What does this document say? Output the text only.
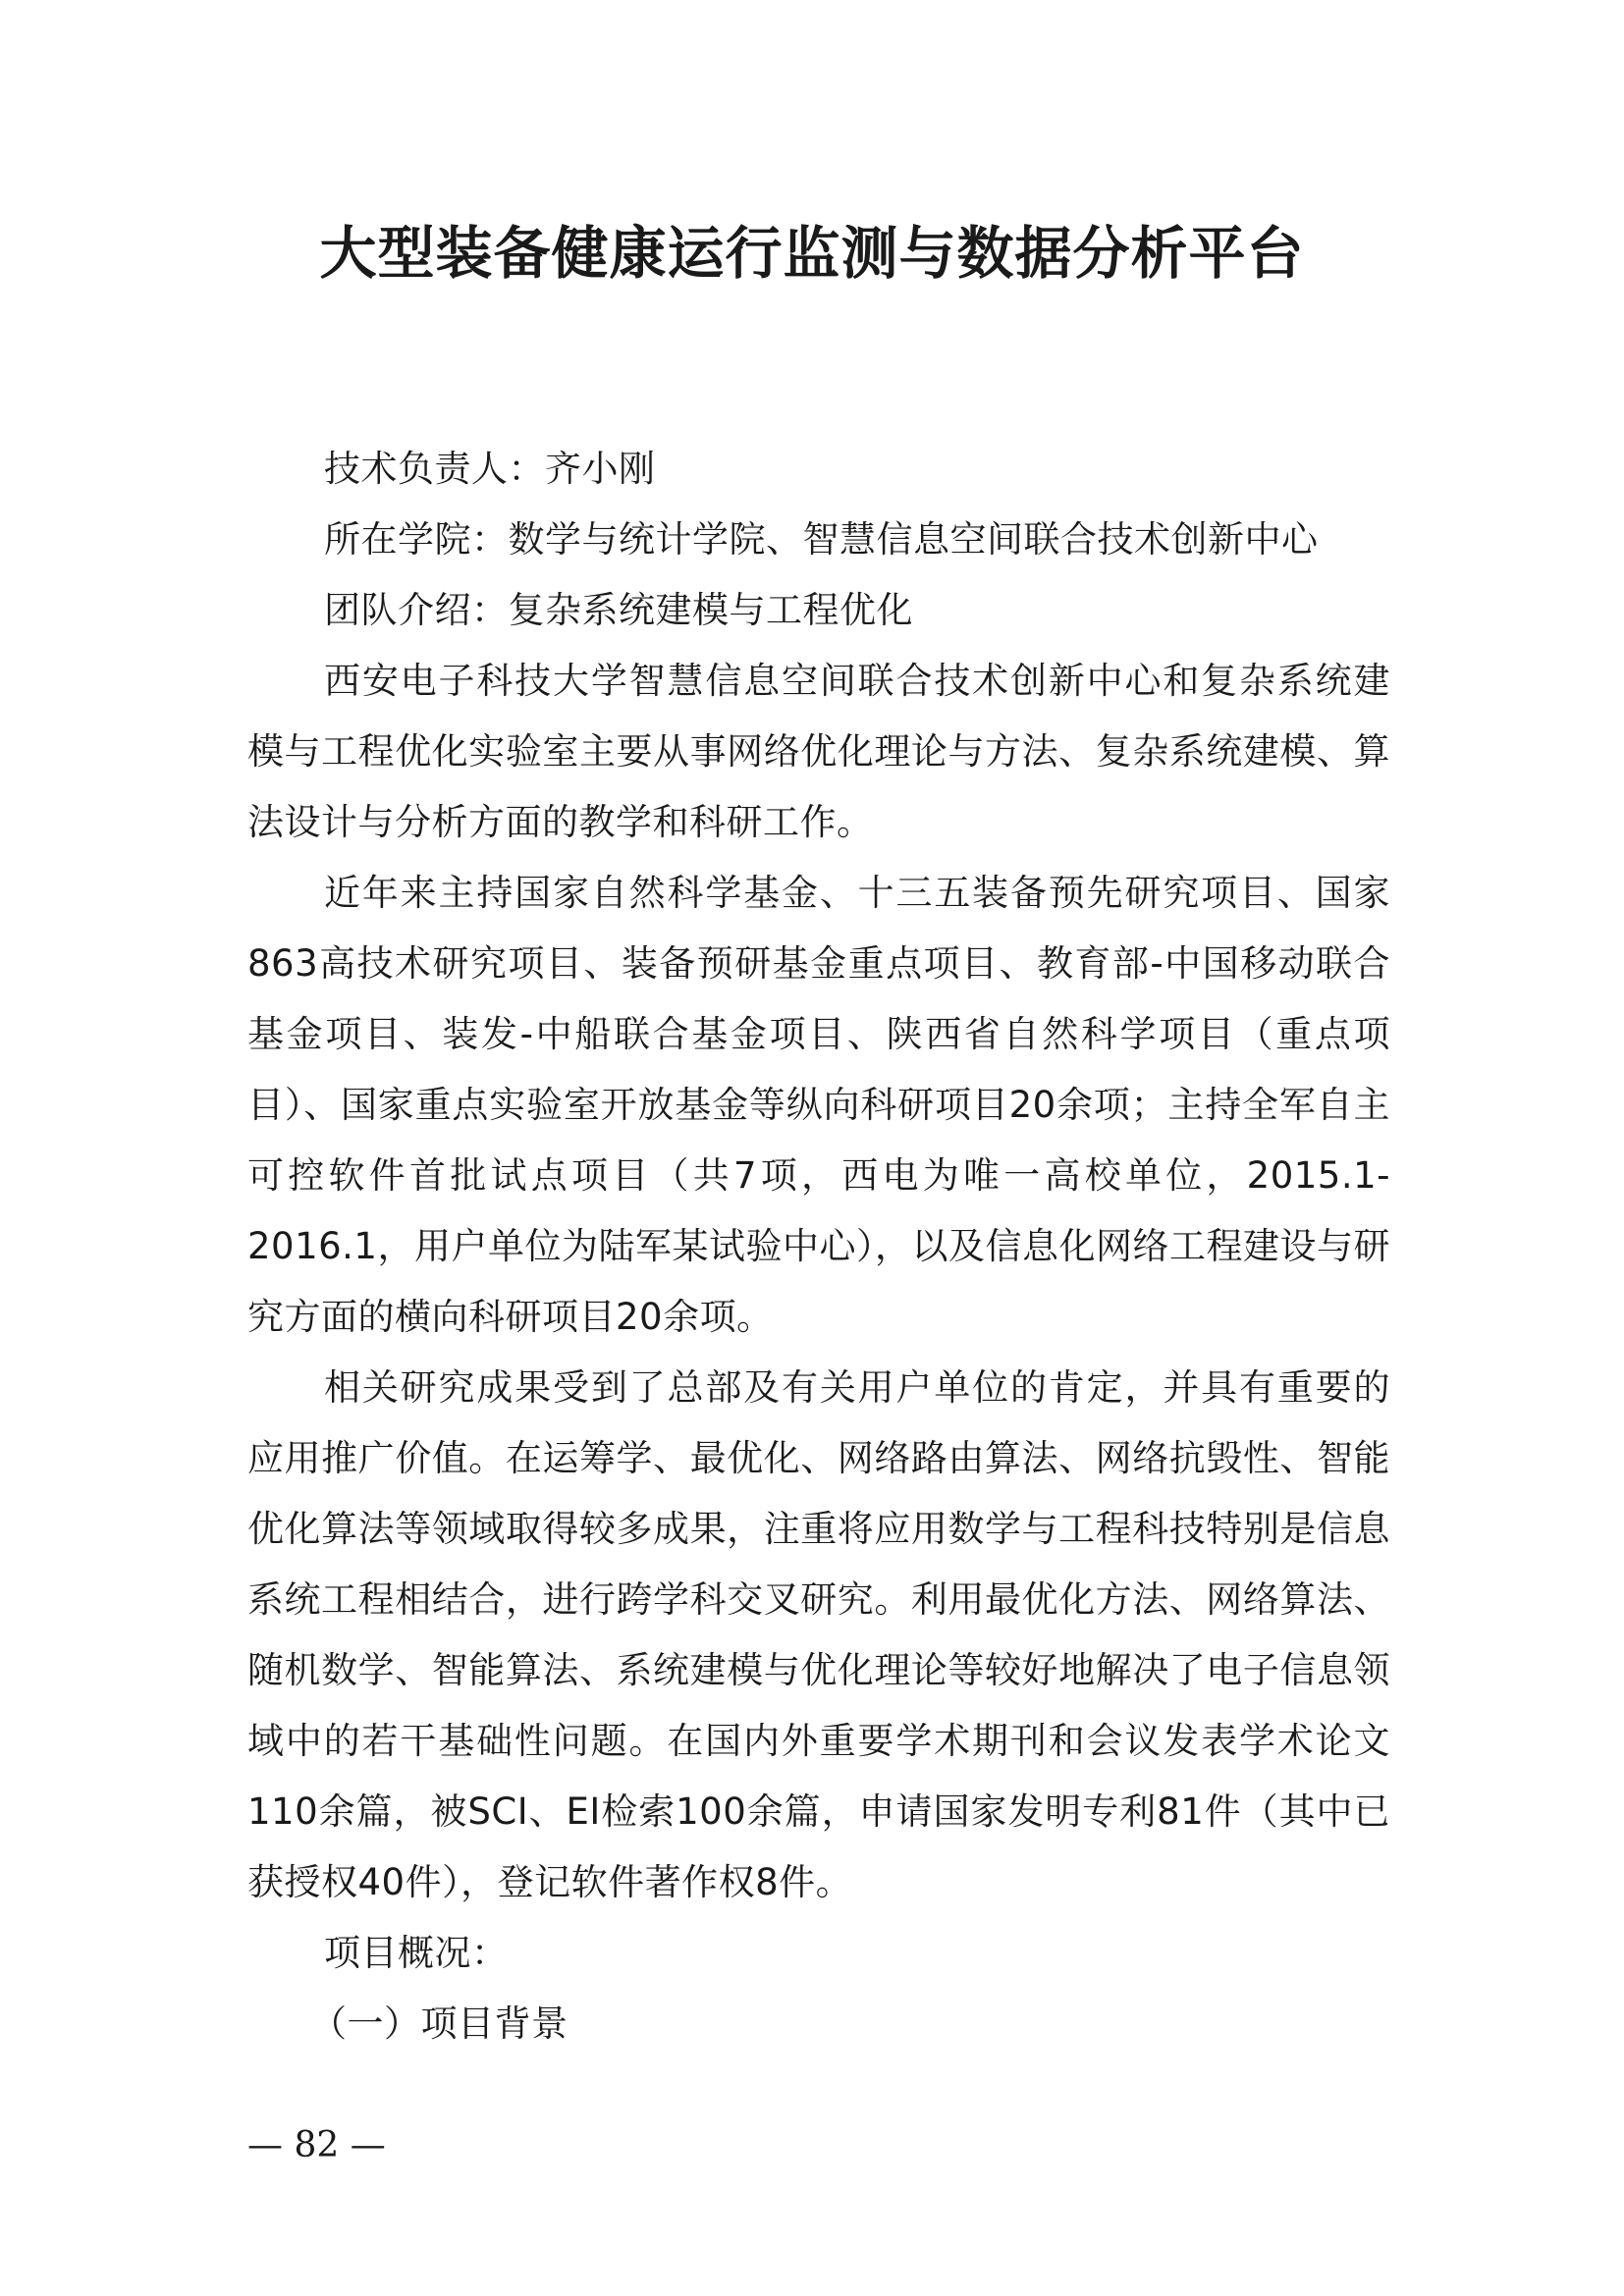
大型装备健康运行监测与数据分析平台

技术负责人：齐小刚

所在学院：数学与统计学院、智慧信息空间联合技术创新中心

团队介绍：复杂系统建模与工程优化

西安电子科技大学智慧信息空间联合技术创新中心和复杂系统建模与工程优化实验室主要从事网络优化理论与方法、复杂系统建模、算法设计与分析方面的教学和科研工作。

近年来主持国家自然科学基金、十三五装备预先研究项目、国家863高技术研究项目、装备预研基金重点项目、教育部-中国移动联合基金项目、装发-中船联合基金项目、陕西省自然科学项目（重点项目）、国家重点实验室开放基金等纵向科研项目20余项；主持全军自主可控软件首批试点项目（共7项，西电为唯一高校单位，2015.1-2016.1，用户单位为陆军某试验中心），以及信息化网络工程建设与研究方面的横向科研项目20余项。

相关研究成果受到了总部及有关用户单位的肯定，并具有重要的应用推广价值。在运筹学、最优化、网络路由算法、网络抗毁性、智能优化算法等领域取得较多成果，注重将应用数学与工程科技特别是信息系统工程相结合，进行跨学科交叉研究。利用最优化方法、网络算法、随机数学、智能算法、系统建模与优化理论等较好地解决了电子信息领域中的若干基础性问题。在国内外重要学术期刊和会议发表学术论文110余篇，被SCI、EI检索100余篇，申请国家发明专利81件（其中已获授权40件），登记软件著作权8件。

项目概况：

（一）项目背景

— 82 —
